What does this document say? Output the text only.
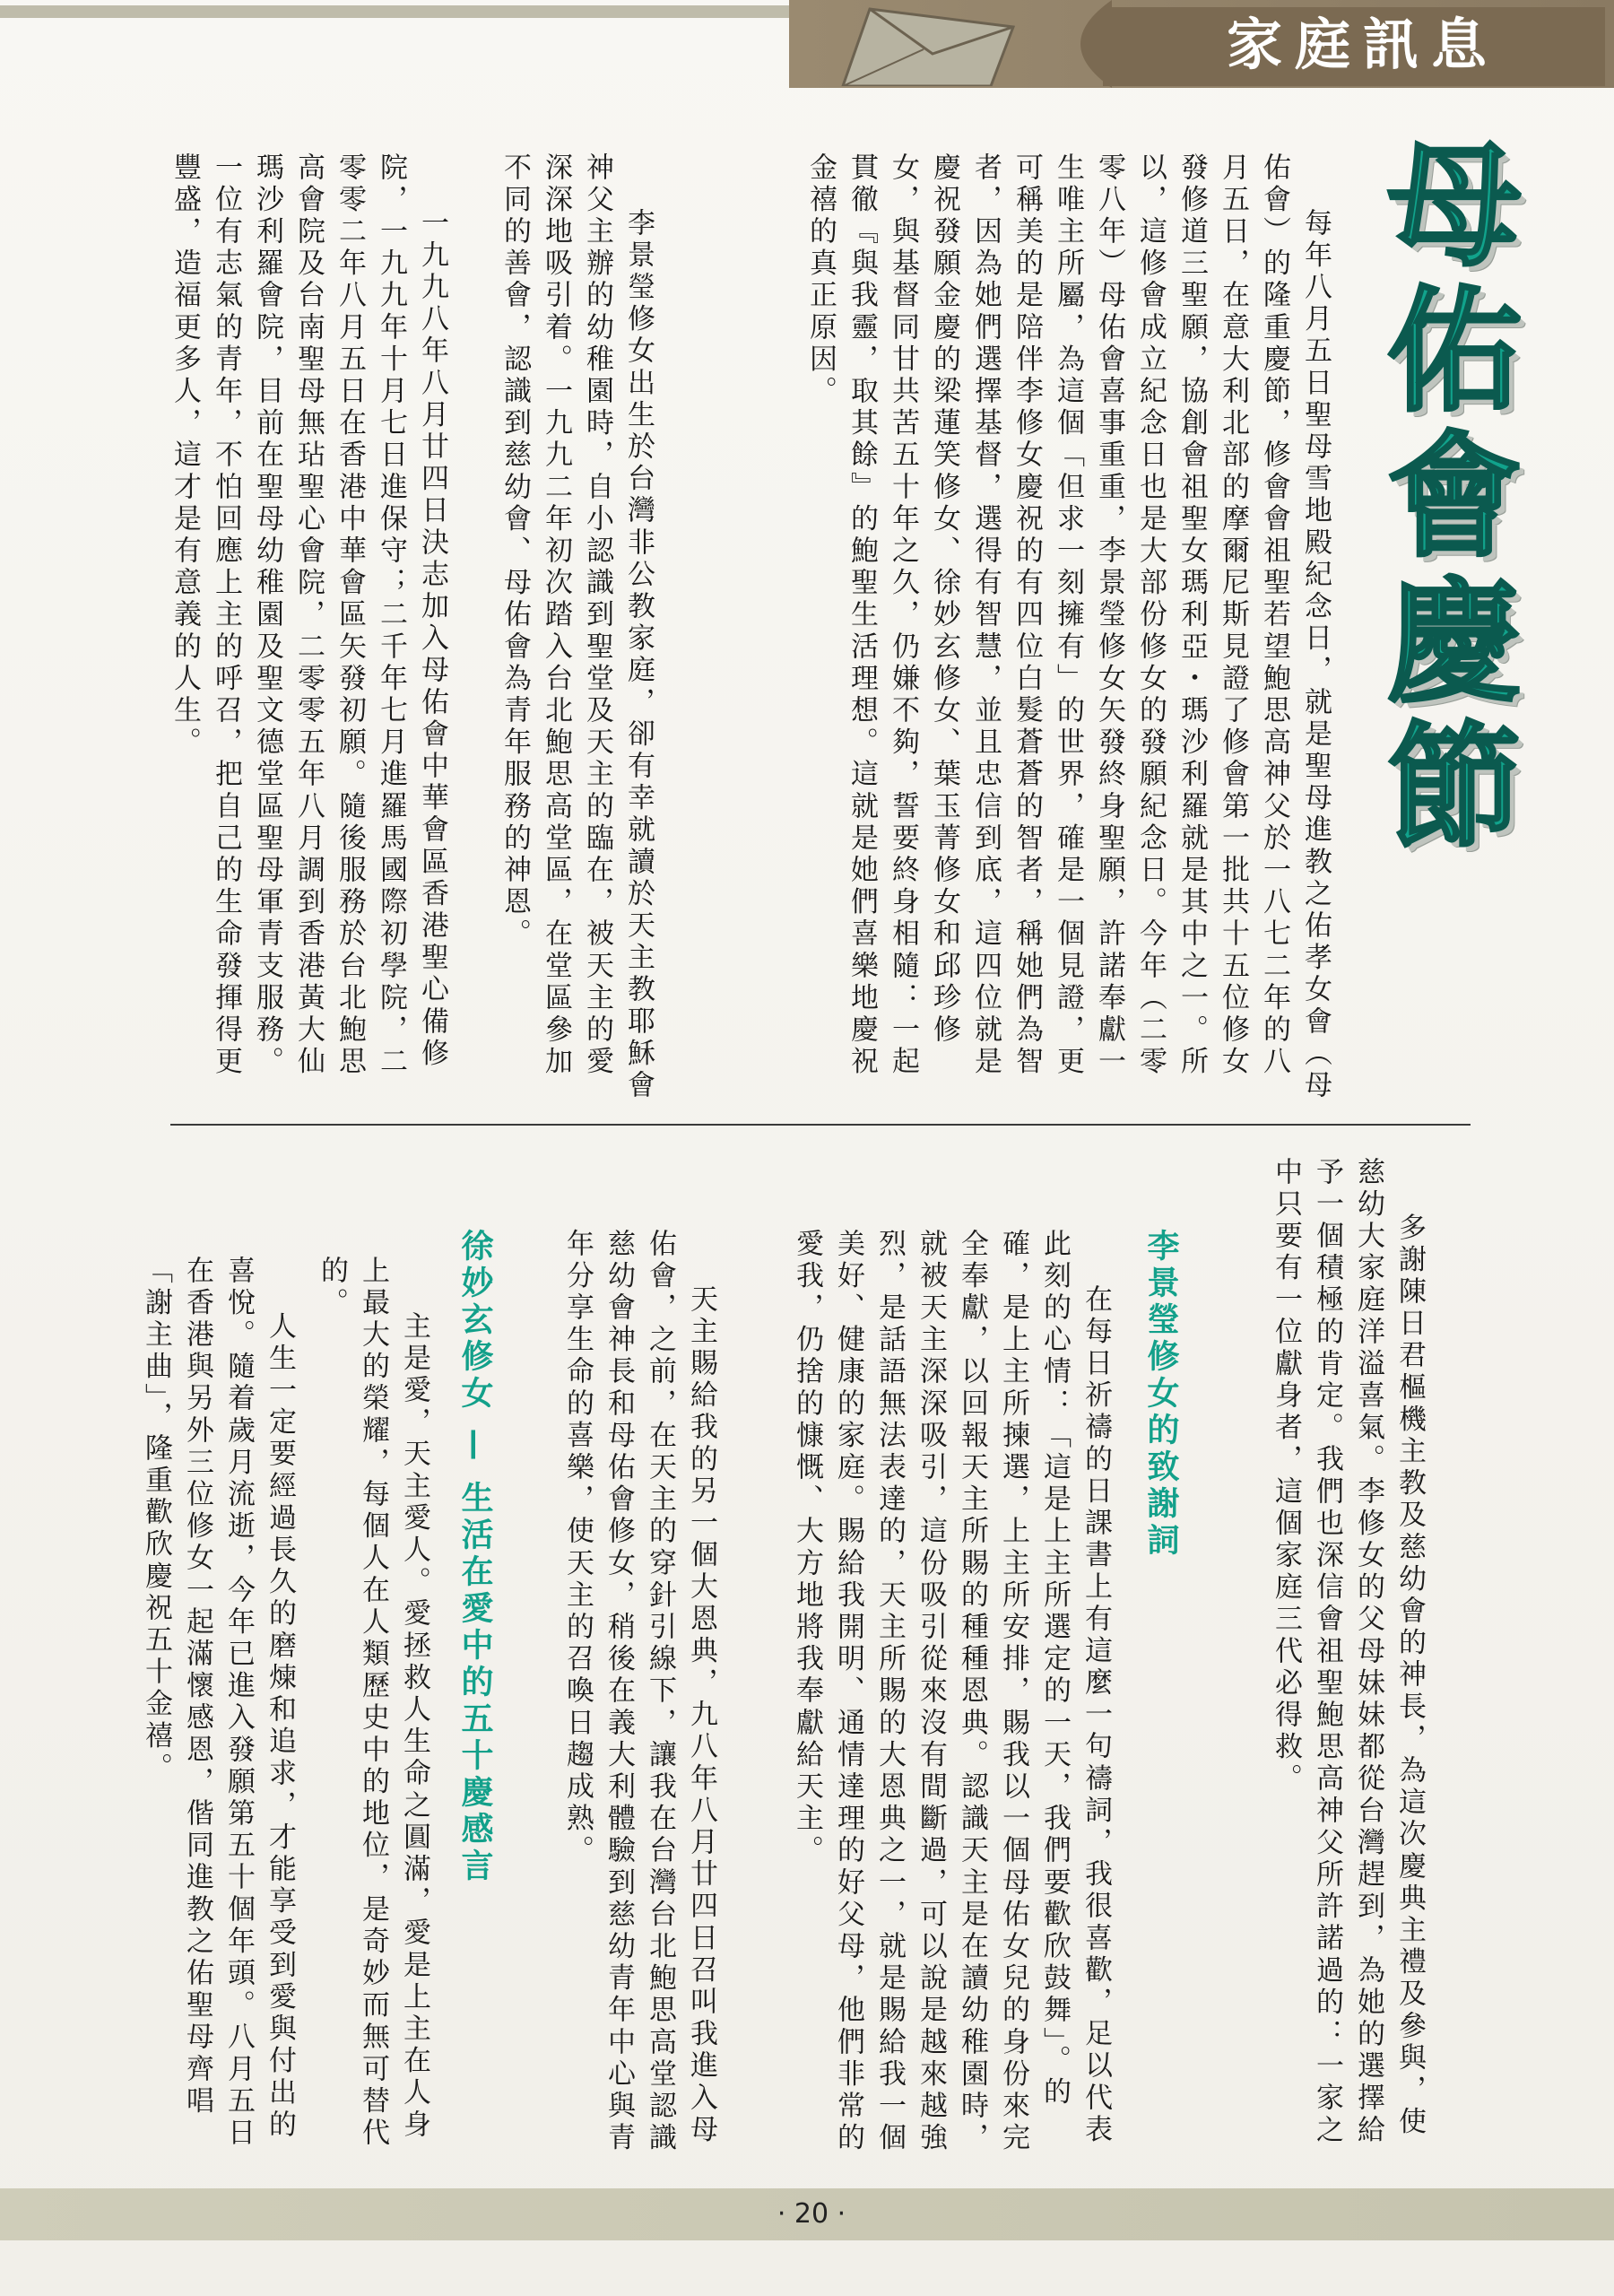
家庭訊息
母佑會慶節

每年八月五日聖母雪地殿紀念日，就是聖母進教之佑孝女會（母佑會）的隆重慶節，修會會祖聖若望鮑思高神父於一八七二年的八月五日，在意大利北部的摩爾尼斯見證了修會第一批共十五位修女發修道三聖願，協創會祖聖女瑪利亞・瑪沙利羅就是其中之一。所以，這修會成立紀念日也是大部份修女的發願紀念日。今年（二零零八年）母佑會喜事重重，李景瑩修女矢發終身聖願，許諾奉獻一生唯主所屬，為這個「但求一刻擁有」的世界，確是一個見證，更可稱美的是陪伴李修女慶祝的有四位白髮蒼蒼的智者，稱她們為智者，因為她們選擇基督，選得有智慧，並且忠信到底，這四位就是慶祝發願金慶的梁蓮笑修女、徐妙玄修女、葉玉菁修女和邱珍修女，與基督同甘共苦五十年之久，仍嫌不夠，誓要終身相隨：一起貫徹『與我靈，取其餘』的鮑聖生活理想。這就是她們喜樂地慶祝金禧的真正原因。

李景瑩修女出生於台灣非公教家庭，卻有幸就讀於天主教耶穌會神父主辦的幼稚園時，自小認識到聖堂及天主的臨在，被天主的愛深深地吸引着。一九九二年初次踏入台北鮑思高堂區，在堂區參加不同的善會，認識到慈幼會、母佑會為青年服務的神恩。

一九九八年八月廿四日決志加入母佑會中華會區香港聖心備修院，一九九年十月七日進保守；二千年七月進羅馬國際初學院，二零零二年八月五日在香港中華會區矢發初願。隨後服務於台北鮑思高會院及台南聖母無玷聖心會院，二零零五年八月調到香港黃大仙瑪沙利羅會院，目前在聖母幼稚園及聖文德堂區聖母軍青支服務。一位有志氣的青年，不怕回應上主的呼召，把自己的生命發揮得更豐盛，造福更多人，這才是有意義的人生。

多謝陳日君樞機主教及慈幼會的神長，為這次慶典主禮及參與，使慈幼大家庭洋溢喜氣。李修女的父母妹妹都從台灣趕到，為她的選擇給予一個積極的肯定。我們也深信會祖聖鮑思高神父所許諾過的：一家之中只要有一位獻身者，這個家庭三代必得救。

李景瑩修女的致謝詞

在每日祈禱的日課書上有這麼一句禱詞，我很喜歡，足以代表此刻的心情：「這是上主所選定的一天，我們要歡欣鼓舞」。的確，是上主所揀選，上主所安排，賜我以一個母佑女兒的身份來完全奉獻，以回報天主所賜的種種恩典。認識天主是在讀幼稚園時，就被天主深深吸引，這份吸引從來沒有間斷過，可以說是越來越強烈，是話語無法表達的，天主所賜的大恩典之一，就是賜給我一個美好、健康的家庭。賜給我開明、通情達理的好父母，他們非常的愛我，仍捨的慷慨、大方地將我奉獻給天主。

天主賜給我的另一個大恩典，九八年八月廿四日召叫我進入母佑會，之前，在天主的穿針引線下，讓我在台灣台北鮑思高堂認識慈幼會神長和母佑會修女，稍後在義大利體驗到慈幼青年中心與青年分享生命的喜樂，使天主的召喚日趨成熟。

徐妙玄修女 — 生活在愛中的五十慶感言

主是愛，天主愛人。愛拯救人生命之圓滿，愛是上主在人身上最大的榮耀，每個人在人類歷史中的地位，是奇妙而無可替代的。

人生一定要經過長久的磨煉和追求，才能享受到愛與付出的喜悅。隨着歲月流逝，今年已進入發願第五十個年頭。八月五日在香港與另外三位修女一起滿懷感恩，偕同進教之佑聖母齊唱「謝主曲」，隆重歡欣慶祝五十金禧。

· 20 ·
